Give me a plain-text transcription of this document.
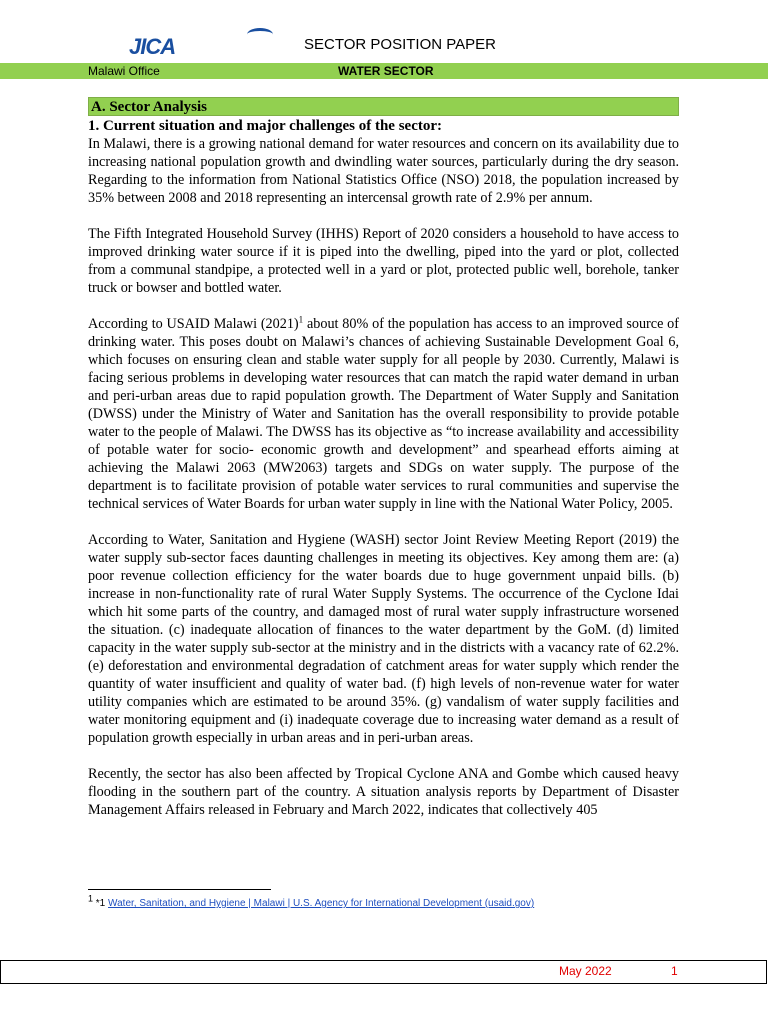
JICA	SECTOR POSITION PAPER
Malawi Office	WATER SECTOR
A. Sector Analysis
1. Current situation and major challenges of the sector:

In Malawi, there is a growing national demand for water resources and concern on its availability due to increasing national population growth and dwindling water sources, particularly during the dry season. Regarding to the information from National Statistics Office (NSO) 2018, the population increased by 35% between 2008 and 2018 representing an intercensal growth rate of 2.9% per annum.

The Fifth Integrated Household Survey (IHHS) Report of 2020 considers a household to have access to improved drinking water source if it is piped into the dwelling, piped into the yard or plot, collected from a communal standpipe, a protected well in a yard or plot, protected public well, borehole, tanker truck or bowser and bottled water.

According to USAID Malawi $(2021)^1$ about 80% of the population has access to an improved source of drinking water. This poses doubt on Malawi’s chances of achieving Sustainable Development Goal 6, which focuses on ensuring clean and stable water supply for all people by 2030. Currently, Malawi is facing serious problems in developing water resources that can match the rapid water demand in urban and peri-urban areas due to rapid population growth. The Department of Water Supply and Sanitation (DWSS) under the Ministry of Water and Sanitation has the overall responsibility to provide potable water to the people of Malawi. The DWSS has its objective as “to increase availability and accessibility of potable water for socio- economic growth and development” and spearhead efforts aiming at achieving the Malawi 2063 (MW2063) targets and SDGs on water supply. The purpose of the department is to facilitate provision of potable water services to rural communities and supervise the technical services of Water Boards for urban water supply in line with the National Water Policy, 2005.

According to Water, Sanitation and Hygiene (WASH) sector Joint Review Meeting Report (2019) the water supply sub-sector faces daunting challenges in meeting its objectives. Key among them are: (a) poor revenue collection efficiency for the water boards due to huge government unpaid bills. (b) increase in non-functionality rate of rural Water Supply Systems. The occurrence of the Cyclone Idai which hit some parts of the country, and damaged most of rural water supply infrastructure worsened the situation. (c) inadequate allocation of finances to the water department by the GoM. (d) limited capacity in the water supply sub-sector at the ministry and in the districts with a vacancy rate of 62.2%. (e) deforestation and environmental degradation of catchment areas for water supply which render the quantity of water insufficient and quality of water bad. (f) high levels of non-revenue water for water utility companies which are estimated to be around 35%. (g) vandalism of water supply facilities and water monitoring equipment and (i) inadequate coverage due to increasing water demand as a result of population growth especially in urban areas and in peri-urban areas.

Recently, the sector has also been affected by Tropical Cyclone ANA and Gombe which caused heavy flooding in the southern part of the country. A situation analysis reports by Department of Disaster Management Affairs released in February and March 2022, indicates that collectively 405

1 *1 Water, Sanitation, and Hygiene | Malawi | U.S. Agency for International Development (usaid.gov)
May 2022	1
